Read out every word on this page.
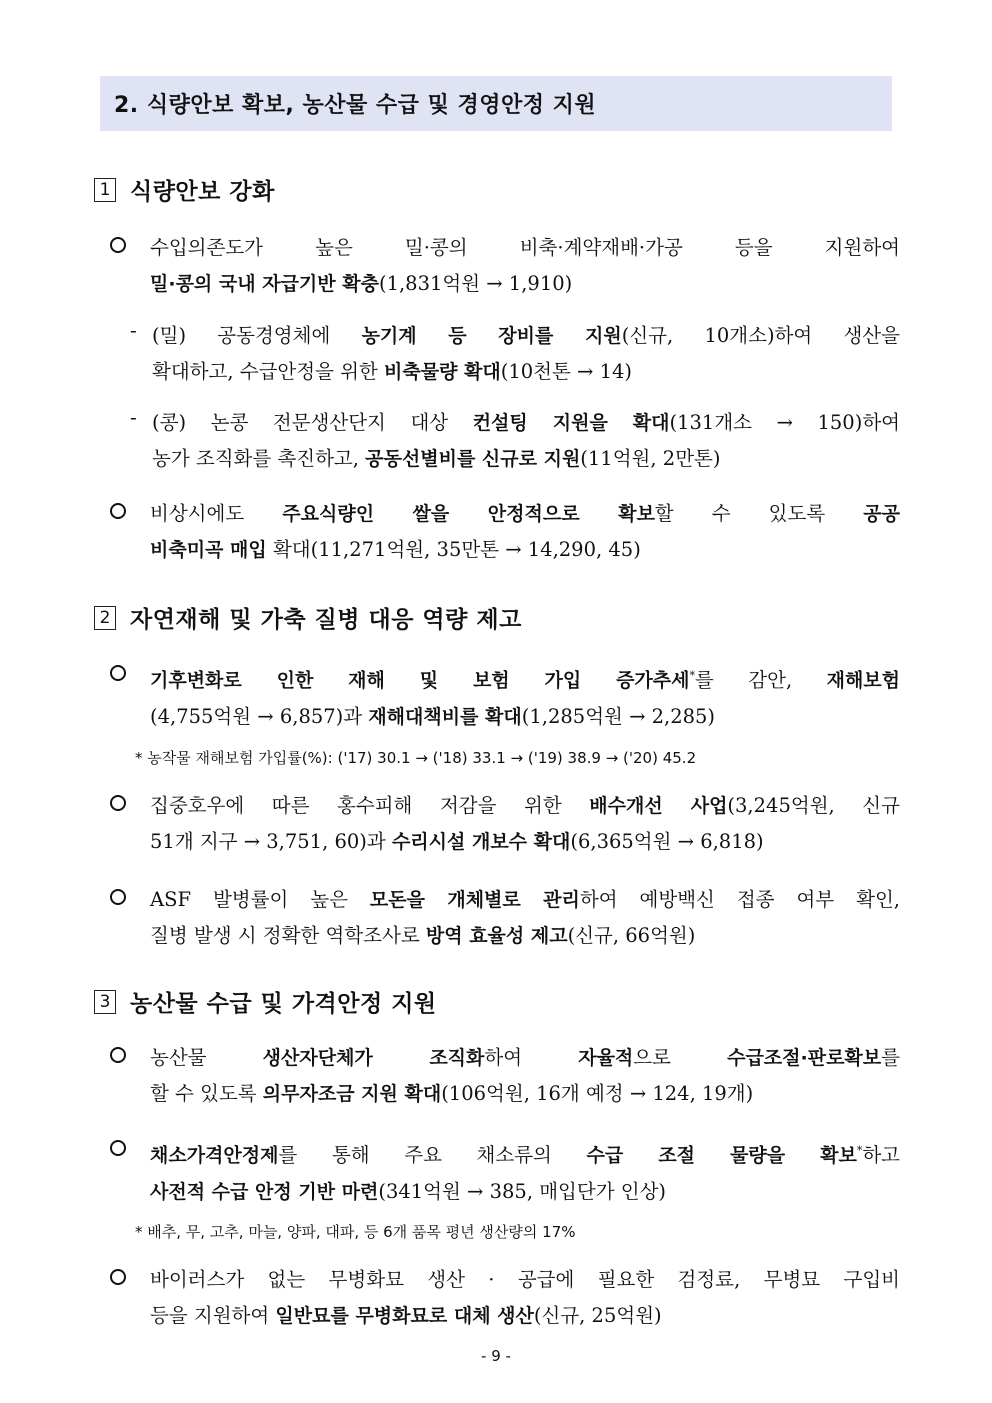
2. 식량안보 확보, 농산물 수급 및 경영안정 지원
1 식량안보 강화
수입의존도가 높은 밀·콩의 비축·계약재배·가공 등을 지원하여
밀·콩의 국내 자급기반 확충(1,831억원 → 1,910)
- (밀) 공동경영체에 농기계 등 장비를 지원(신규, 10개소)하여 생산을
확대하고, 수급안정을 위한 비축물량 확대(10천톤 → 14)
- (콩) 논콩 전문생산단지 대상 컨설팅 지원을 확대(131개소 → 150)하여
농가 조직화를 촉진하고, 공동선별비를 신규로 지원(11억원, 2만톤)
비상시에도 주요식량인 쌀을 안정적으로 확보할 수 있도록 공공
비축미곡 매입 확대(11,271억원, 35만톤 → 14,290, 45)
2 자연재해 및 가축 질병 대응 역량 제고
기후변화로 인한 재해 및 보험 가입 증가추세*를 감안, 재해보험
(4,755억원 → 6,857)과 재해대책비를 확대(1,285억원 → 2,285)
* 농작물 재해보험 가입률(%): ('17) 30.1 → ('18) 33.1 → ('19) 38.9 → ('20) 45.2
집중호우에 따른 홍수피해 저감을 위한 배수개선 사업(3,245억원, 신규
51개 지구 → 3,751, 60)과 수리시설 개보수 확대(6,365억원 → 6,818)
ASF 발병률이 높은 모돈을 개체별로 관리하여 예방백신 접종 여부 확인,
질병 발생 시 정확한 역학조사로 방역 효율성 제고(신규, 66억원)
3 농산물 수급 및 가격안정 지원
농산물 생산자단체가 조직화하여 자율적으로 수급조절·판로확보를
할 수 있도록 의무자조금 지원 확대(106억원, 16개 예정 → 124, 19개)
채소가격안정제를 통해 주요 채소류의 수급 조절 물량을 확보*하고
사전적 수급 안정 기반 마련(341억원 → 385, 매입단가 인상)
* 배추, 무, 고추, 마늘, 양파, 대파, 등 6개 품목 평년 생산량의 17%
바이러스가 없는 무병화묘 생산 · 공급에 필요한 검정료, 무병묘 구입비
등을 지원하여 일반묘를 무병화묘로 대체 생산(신규, 25억원)
- 9 -
